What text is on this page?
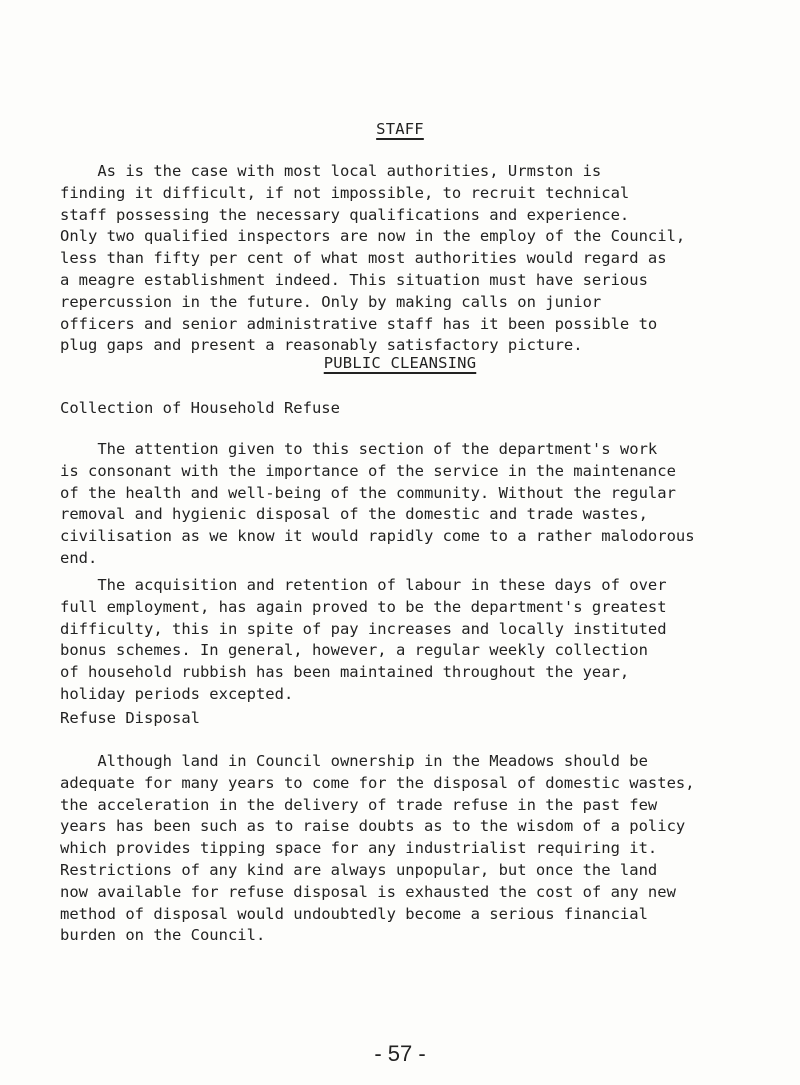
STAFF
As is the case with most local authorities, Urmston is
finding it difficult, if not impossible, to recruit technical
staff possessing the necessary qualifications and experience.
Only two qualified inspectors are now in the employ of the Council,
less than fifty per cent of what most authorities would regard as
a meagre establishment indeed. This situation must have serious
repercussion in the future. Only by making calls on junior
officers and senior administrative staff has it been possible to
plug gaps and present a reasonably satisfactory picture.
PUBLIC CLEANSING
Collection of Household Refuse
The attention given to this section of the department's work
is consonant with the importance of the service in the maintenance
of the health and well-being of the community. Without the regular
removal and hygienic disposal of the domestic and trade wastes,
civilisation as we know it would rapidly come to a rather malodorous
end.
The acquisition and retention of labour in these days of over
full employment, has again proved to be the department's greatest
difficulty, this in spite of pay increases and locally instituted
bonus schemes. In general, however, a regular weekly collection
of household rubbish has been maintained throughout the year,
holiday periods excepted.
Refuse Disposal
Although land in Council ownership in the Meadows should be
adequate for many years to come for the disposal of domestic wastes,
the acceleration in the delivery of trade refuse in the past few
years has been such as to raise doubts as to the wisdom of a policy
which provides tipping space for any industrialist requiring it.
Restrictions of any kind are always unpopular, but once the land
now available for refuse disposal is exhausted the cost of any new
method of disposal would undoubtedly become a serious financial
burden on the Council.
- 57 -
